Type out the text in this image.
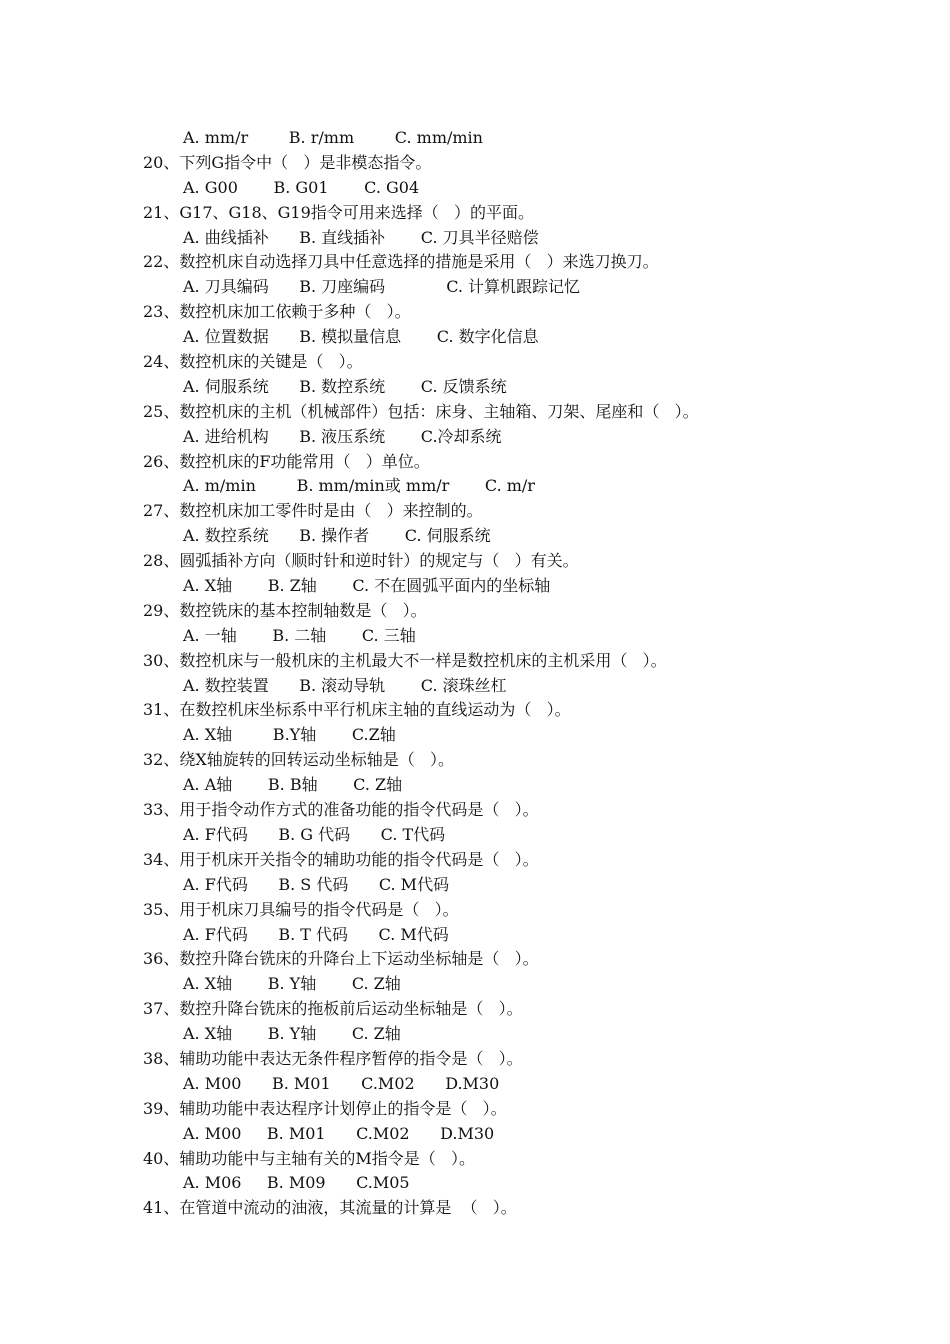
A. mm/r        B. r/mm        C. mm/min
20、下列G指令中（   ）是非模态指令。
A. G00       B. G01       C. G04
21、G17、G18、G19指令可用来选择（   ）的平面。
A. 曲线插补      B. 直线插补       C. 刀具半径赔偿
22、数控机床自动选择刀具中任意选择的措施是采用（   ）来选刀换刀。
A. 刀具编码      B. 刀座编码            C. 计算机跟踪记忆
23、数控机床加工依赖于多种（   ）。
A. 位置数据      B. 模拟量信息       C. 数字化信息
24、数控机床的关键是（   ）。
A. 伺服系统      B. 数控系统       C. 反馈系统
25、数控机床的主机（机械部件）包括：床身、主轴箱、刀架、尾座和（   ）。
A. 进给机构      B. 液压系统       C.冷却系统
26、数控机床的F功能常用（   ）单位。
A. m/min        B. mm/min或 mm/r       C. m/r
27、数控机床加工零件时是由（   ）来控制的。
A. 数控系统      B. 操作者       C. 伺服系统
28、圆弧插补方向（顺时针和逆时针）的规定与（   ）有关。
A. X轴       B. Z轴       C. 不在圆弧平面内的坐标轴
29、数控铣床的基本控制轴数是（   ）。
A. 一轴       B. 二轴       C. 三轴
30、数控机床与一般机床的主机最大不一样是数控机床的主机采用（   ）。
A. 数控装置      B. 滚动导轨       C. 滚珠丝杠
31、在数控机床坐标系中平行机床主轴的直线运动为（   ）。
A. X轴        B.Y轴       C.Z轴
32、绕X轴旋转的回转运动坐标轴是（   ）。
A. A轴       B. B轴       C. Z轴
33、用于指令动作方式的准备功能的指令代码是（   ）。
A. F代码      B. G 代码      C. T代码
34、用于机床开关指令的辅助功能的指令代码是（   ）。
A. F代码      B. S 代码      C. M代码
35、用于机床刀具编号的指令代码是（   ）。
A. F代码      B. T 代码      C. M代码
36、数控升降台铣床的升降台上下运动坐标轴是（   ）。
A. X轴       B. Y轴       C. Z轴
37、数控升降台铣床的拖板前后运动坐标轴是（   ）。
A. X轴       B. Y轴       C. Z轴
38、辅助功能中表达无条件程序暂停的指令是（   ）。
A. M00      B. M01      C.M02      D.M30
39、辅助功能中表达程序计划停止的指令是（   ）。
A. M00     B. M01      C.M02      D.M30
40、辅助功能中与主轴有关的M指令是（   ）。
A. M06     B. M09      C.M05
41、在管道中流动的油液，其流量的计算是  （   ）。
